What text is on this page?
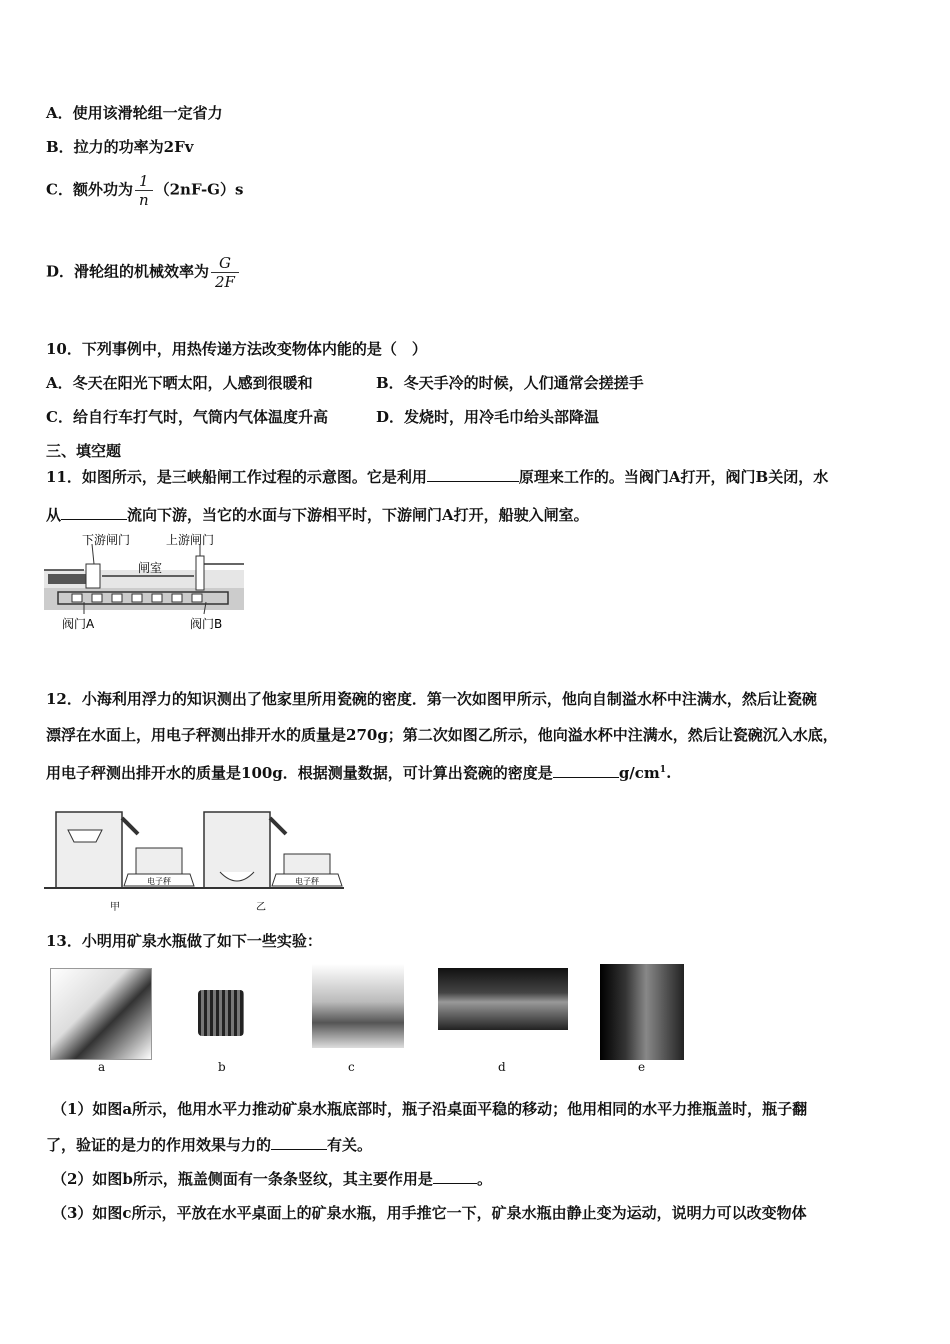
A．使用该滑轮组一定省力
B．拉力的功率为2Fv
C．额外功为 $\frac{1}{n} (2nF-G)s$
D．滑轮组的机械效率为 $\frac{G}{2F}$
10．下列事例中，用热传递方法改变物体内能的是（　）
A．冬天在阳光下晒太阳，人感到很暖和	B．冬天手冷的时候，人们通常会搓搓手
C．给自行车打气时，气筒内气体温度升高	D．发烧时，用冷毛巾给头部降温
三、填空题
11．如图所示，是三峡船闸工作过程的示意图。它是利用	原理来工作的。当阀门A打开，阀门B关闭，水
从	流向下游，当它的水面与下游相平时，下游闸门A打开，船驶入闸室。
下游闸门	上游闸门
闸室
阀门A	阀门B
12．小海利用浮力的知识测出了他家里所用瓷碗的密度．第一次如图甲所示，他向自制溢水杯中注满水，然后让瓷碗
漂浮在水面上，用电子秤测出排开水的质量是270g；第二次如图乙所示，他向溢水杯中注满水，然后让瓷碗沉入水底，
用电子秤测出排开水的质量是100g．根据测量数据，可计算出瓷碗的密度是	$g/cm^1$.
电子秤
甲
电子秤
乙
13．小明用矿泉水瓶做了如下一些实验：
a	b	c	d	e
（1）如图a所示，他用水平力推动矿泉水瓶底部时，瓶子沿桌面平稳的移动；他用相同的水平力推瓶盖时，瓶子翻
了，验证的是力的作用效果与力的	有关。
（2）如图b所示，瓶盖侧面有一条条竖纹，其主要作用是	。
（3）如图c所示，平放在水平桌面上的矿泉水瓶，用手推它一下，矿泉水瓶由静止变为运动，说明力可以改变物体
